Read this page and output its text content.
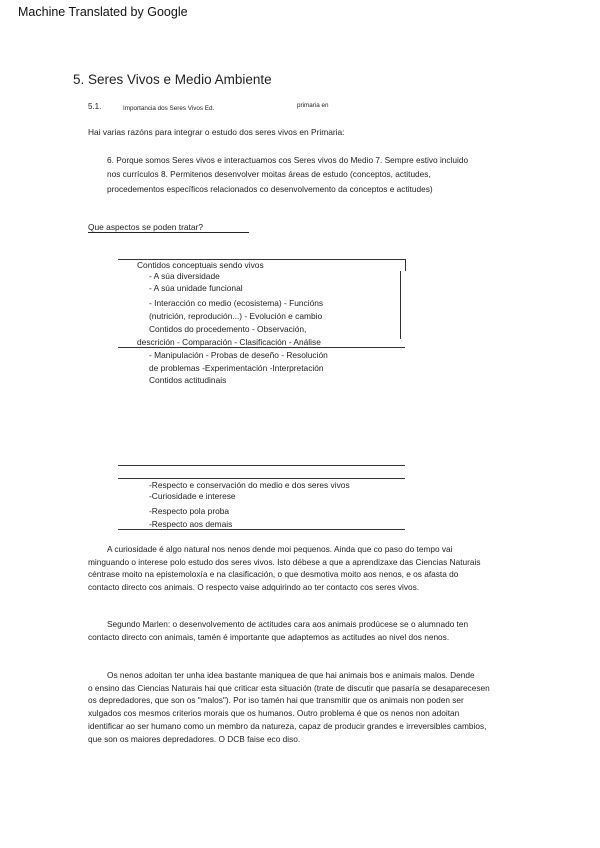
Machine Translated by Google
5. Seres Vivos e Medio Ambiente
5.1.	Importancia dos Seres Vivos Ed.	primaria en
Hai varias razóns para integrar o estudo dos seres vivos en Primaria:
6. Porque somos Seres vivos e interactuamos cos Seres vivos do Medio 7. Sempre estivo incluido
nos currículos 8. Permitenos desenvolver moitas áreas de estudo (conceptos, actitudes,
procedementos específicos relacionados co desenvolvemento da conceptos e actitudes)
Que aspectos se poden tratar?
Contidos conceptuais sendo vivos
- A súa diversidade
- A súa unidade funcional
- Interacción co medio (ecosistema) - Funcións
(nutrición, reprodución...) - Evolución e cambio
Contidos do procedemento - Observación,
descrición - Comparación - Clasificación - Análise
- Manipulación - Probas de deseño - Resolución
de problemas -Experimentación -Interpretación
Contidos actitudinais
-Respecto e conservación do medio e dos seres vivos
-Curiosidade e interese
-Respecto pola proba
-Respecto aos demais
A curiosidade é algo natural nos nenos dende moi pequenos. Ainda que co paso do tempo vai
minguando o interese polo estudo dos seres vivos. Isto débese a que a aprendizaxe das Ciencias Naturais
céntrase moito na epistemoloxía e na clasificación, o que desmotiva moito aos nenos, e os afasta do
contacto directo cos animais. O respecto vaise adquirindo ao ter contacto cos seres vivos.
Segundo Marlen: o desenvolvemento de actitudes cara aos animais prodúcese se o alumnado ten
contacto directo con animais, tamén é importante que adaptemos as actitudes ao nivel dos nenos.
Os nenos adoitan ter unha idea bastante maniquea de que hai animais bos e animais malos. Dende
o ensino das Ciencias Naturais hai que criticar esta situación (trate de discutir que pasaría se desaparecesen
os depredadores, que son os "malos"). Por iso tamén hai que transmitir que os animais non poden ser
xulgados cos mesmos criterios morais que os humanos. Outro problema é que os nenos non adoitan
identificar ao ser humano como un membro da natureza, capaz de producir grandes e irreversibles cambios,
que son os maiores depredadores. O DCB faise eco diso.
